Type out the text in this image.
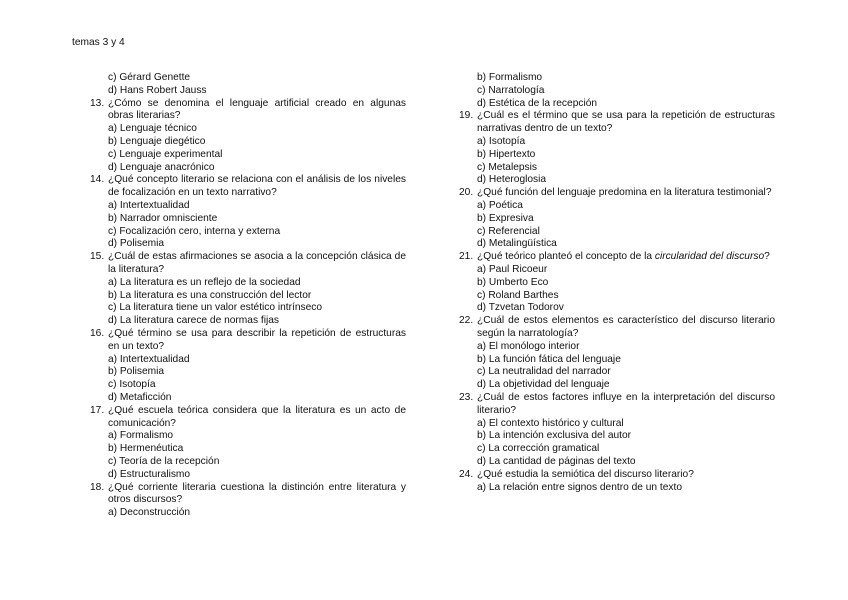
temas 3 y 4
c) Gérard Genette
d) Hans Robert Jauss
13. ¿Cómo se denomina el lenguaje artificial creado en algunas obras literarias?
a) Lenguaje técnico
b) Lenguaje diegético
c) Lenguaje experimental
d) Lenguaje anacrónico
14. ¿Qué concepto literario se relaciona con el análisis de los niveles de focalización en un texto narrativo?
a) Intertextualidad
b) Narrador omnisciente
c) Focalización cero, interna y externa
d) Polisemia
15. ¿Cuál de estas afirmaciones se asocia a la concepción clásica de la literatura?
a) La literatura es un reflejo de la sociedad
b) La literatura es una construcción del lector
c) La literatura tiene un valor estético intrínseco
d) La literatura carece de normas fijas
16. ¿Qué término se usa para describir la repetición de estructuras en un texto?
a) Intertextualidad
b) Polisemia
c) Isotopía
d) Metaficción
17. ¿Qué escuela teórica considera que la literatura es un acto de comunicación?
a) Formalismo
b) Hermenéutica
c) Teoría de la recepción
d) Estructuralismo
18. ¿Qué corriente literaria cuestiona la distinción entre literatura y otros discursos?
a) Deconstrucción
b) Formalismo
c) Narratología
d) Estética de la recepción
19. ¿Cuál es el término que se usa para la repetición de estructuras narrativas dentro de un texto?
a) Isotopía
b) Hipertexto
c) Metalepsis
d) Heteroglosia
20. ¿Qué función del lenguaje predomina en la literatura testimonial?
a) Poética
b) Expresiva
c) Referencial
d) Metalingüística
21. ¿Qué teórico planteó el concepto de la circularidad del discurso?
a) Paul Ricoeur
b) Umberto Eco
c) Roland Barthes
d) Tzvetan Todorov
22. ¿Cuál de estos elementos es característico del discurso literario según la narratología?
a) El monólogo interior
b) La función fática del lenguaje
c) La neutralidad del narrador
d) La objetividad del lenguaje
23. ¿Cuál de estos factores influye en la interpretación del discurso literario?
a) El contexto histórico y cultural
b) La intención exclusiva del autor
c) La corrección gramatical
d) La cantidad de páginas del texto
24. ¿Qué estudia la semiótica del discurso literario?
a) La relación entre signos dentro de un texto
